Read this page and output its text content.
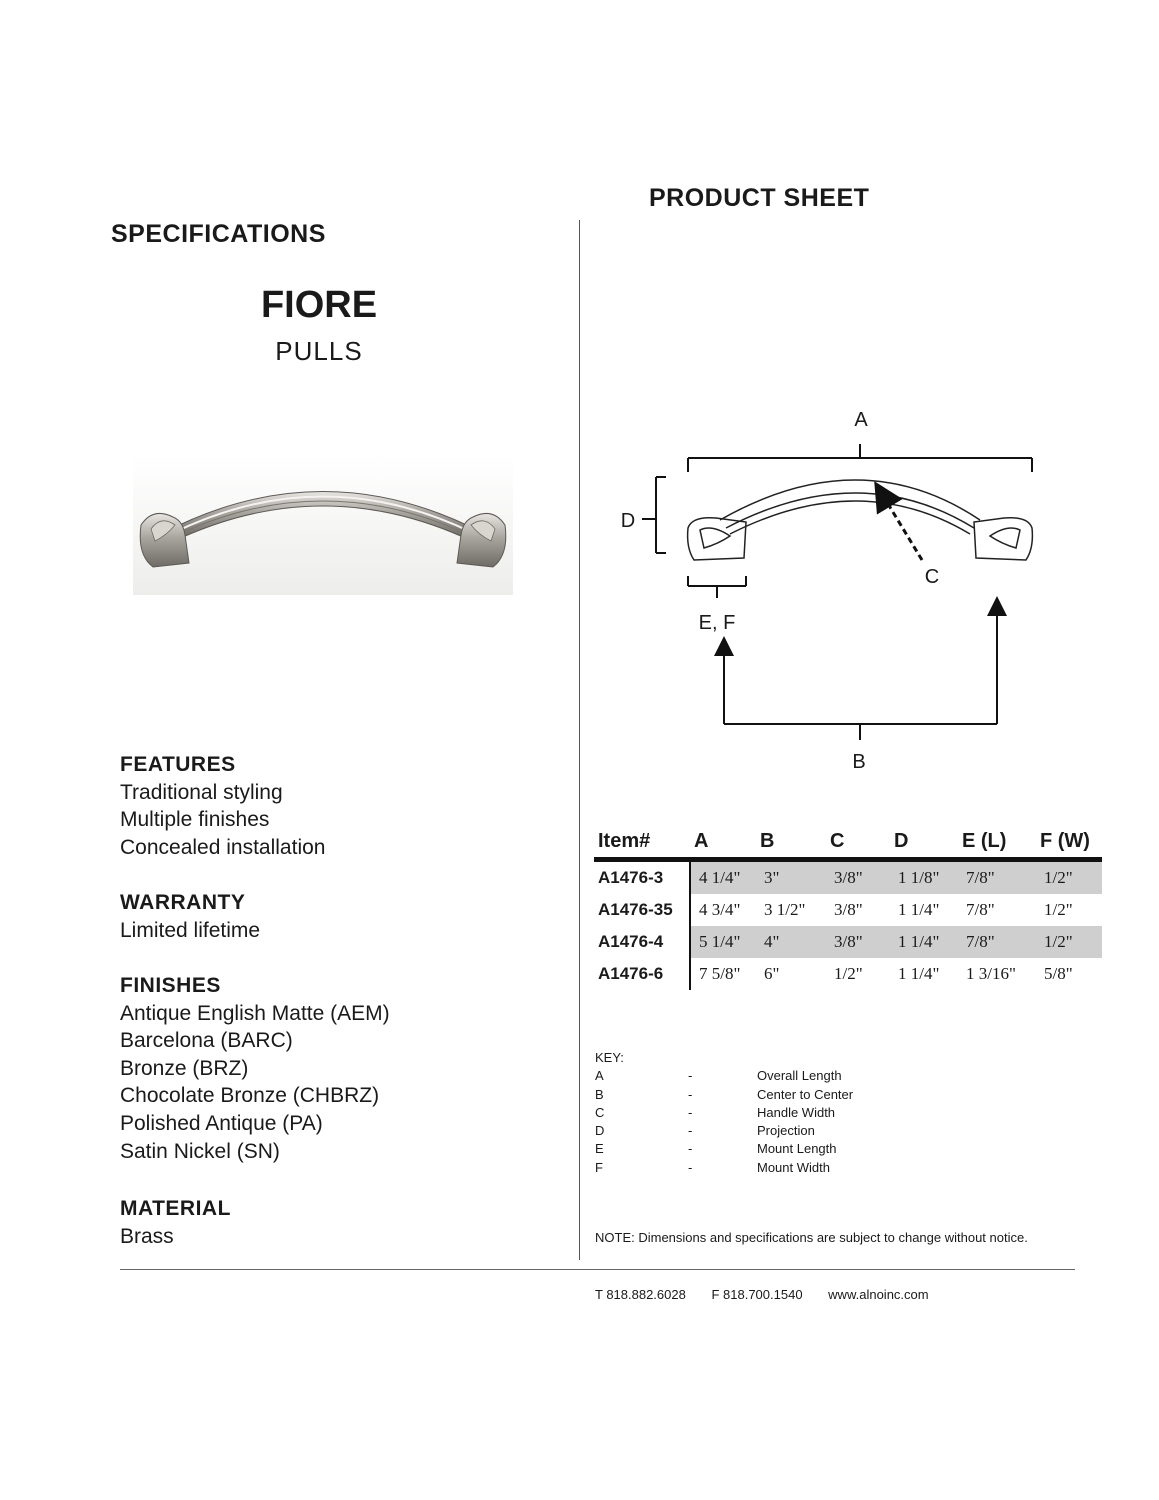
SPECIFICATIONS
PRODUCT SHEET
FIORE
PULLS
FEATURES
Traditional styling
Multiple finishes
Concealed installation
WARRANTY
Limited lifetime
FINISHES
Antique English Matte (AEM)
Barcelona (BARC)
Bronze (BRZ)
Chocolate Bronze (CHBRZ)
Polished Antique (PA)
Satin Nickel (SN)
MATERIAL
Brass
A
D
C
E, F
B
Item#	A	B	C	D	E (L)	F (W)
A1476-3	4 1/4"	3"	3/8"	1 1/8"	7/8"	1/2"
A1476-35	4 3/4"	3 1/2"	3/8"	1 1/4"	7/8"	1/2"
A1476-4	5 1/4"	4"	3/8"	1 1/4"	7/8"	1/2"
A1476-6	7 5/8"	6"	1/2"	1 1/4"	1 3/16"	5/8"
KEY:
A	-	Overall Length
B	-	Center to Center
C	-	Handle Width
D	-	Projection
E	-	Mount Length
F	-	Mount Width
NOTE: Dimensions and specifications are subject to change without notice.
T 818.882.6028 F 818.700.1540 www.alnoinc.com
